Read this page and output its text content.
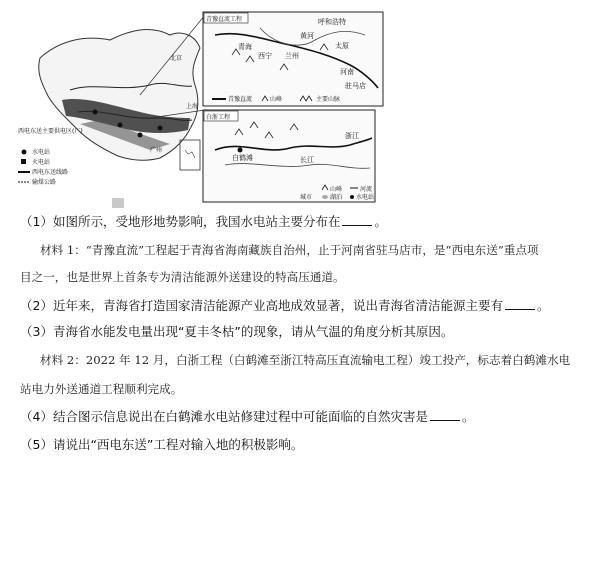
西电东送主要供电区(厂)
水电站
火电站
西电东送线路
输煤公路
青豫直流工程
青海
西宁 兰州
河南
驻马店
黄河
呼和浩特
太原
青豫直流	山峰	主要山脉
白浙工程
白鹤滩
浙江
长江
山峰	河流
湖泊 水电站
城市
北京
上海
广州
（1）如图所示，受地形地势影响，我国水电站主要分布在	。
材料 1：“青豫直流”工程起于青海省海南藏族自治州，止于河南省驻马店市，是“西电东送”重点项
目之一，也是世界上首条专为清洁能源外送建设的特高压通道。
（2）近年来，青海省打造国家清洁能源产业高地成效显著，说出青海省清洁能源主要有	。
（3）青海省水能发电量出现“夏丰冬枯”的现象，请从气温的角度分析其原因。
材料 2：2022 年 12 月，白浙工程（白鹤滩至浙江特高压直流输电工程）竣工投产，标志着白鹤滩水电
站电力外送通道工程顺利完成。
（4）结合图示信息说出在白鹤滩水电站修建过程中可能面临的自然灾害是	。
（5）请说出“西电东送”工程对输入地的积极影响。
